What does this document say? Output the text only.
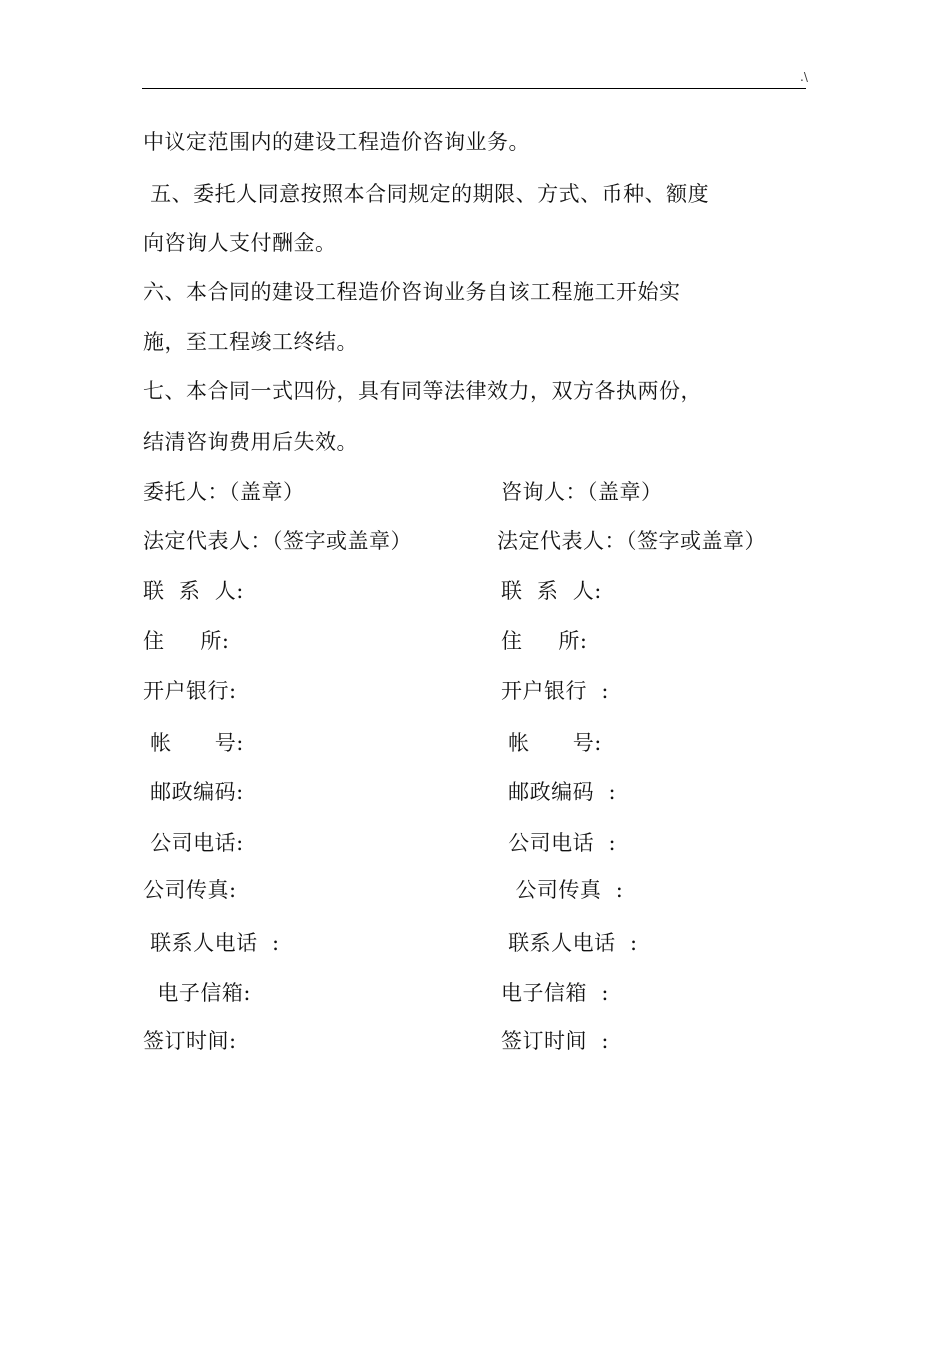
.\
中议定范围内的建设工程造价咨询业务。
五、委托人同意按照本合同规定的期限、方式、币种、额度
向咨询人支付酬金。
六、本合同的建设工程造价咨询业务自该工程施工开始实
施，至工程竣工终结。
七、本合同一式四份，具有同等法律效力，双方各执两份，
结清咨询费用后失效。
委托人：（盖章）
法定代表人：（签字或盖章）
联  系  人:
住     所:
开户银行:
帐      号:
邮政编码:
公司电话:
公司传真:
联系人电话  :
电子信箱:
签订时间:
咨询人：（盖章）
法定代表人：（签字或盖章）
联  系  人:
住     所:
开户银行  :
帐      号:
邮政编码  :
公司电话  :
公司传真  :
联系人电话  :
电子信箱  :
签订时间  :
